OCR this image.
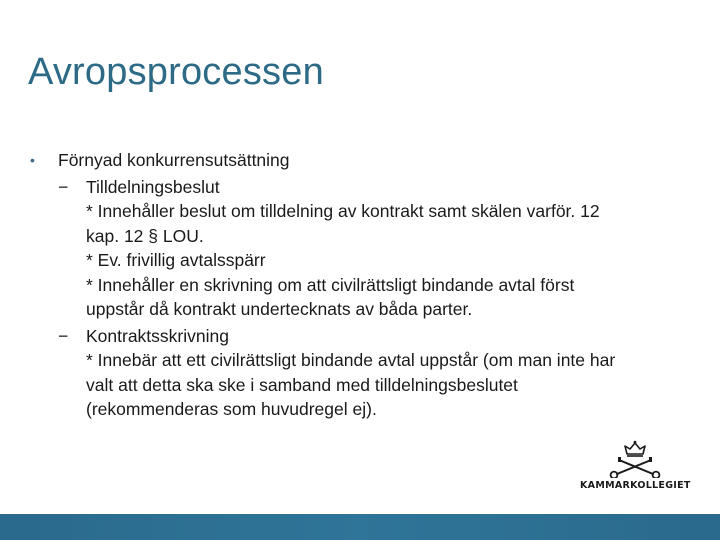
Avropsprocessen
•	Förnyad konkurrensutsättning
−	Tilldelningsbeslut
* Innehåller beslut om tilldelning av kontrakt samt skälen varför. 12
kap. 12 § LOU.
* Ev. frivillig avtalsspärr
* Innehåller en skrivning om att civilrättsligt bindande avtal först
uppstår då kontrakt undertecknats av båda parter.
−	Kontraktsskrivning
* Innebär att ett civilrättsligt bindande avtal uppstår (om man inte har
valt att detta ska ske i samband med tilldelningsbeslutet
(rekommenderas som huvudregel ej).
KAMMARKOLLEGIET
